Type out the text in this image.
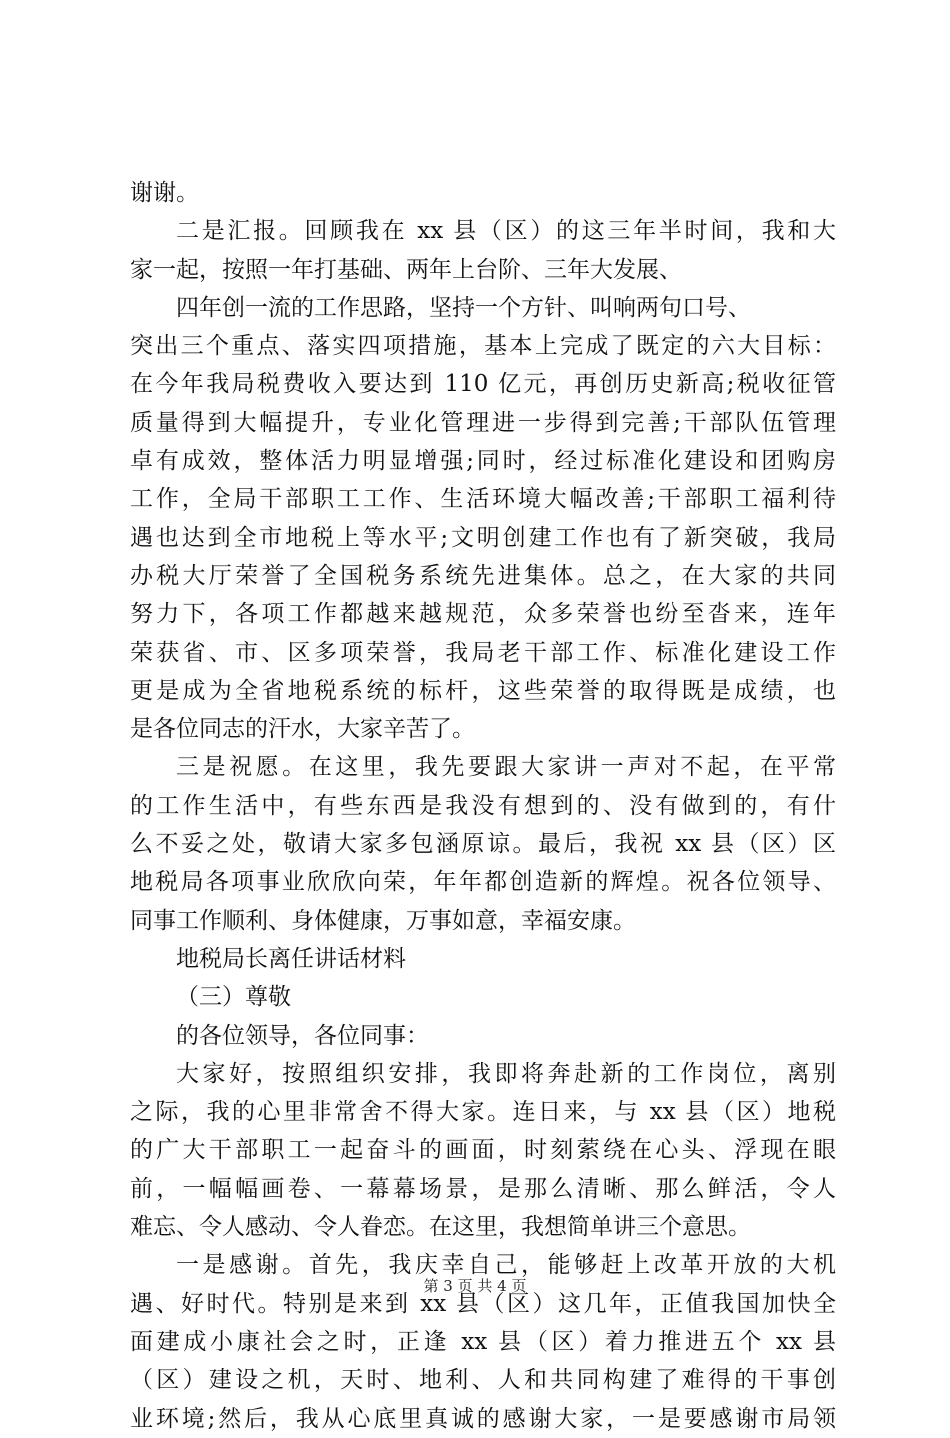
谢谢。
二是汇报。回顾我在 xx 县（区）的这三年半时间，我和大
家一起，按照一年打基础、两年上台阶、三年大发展、
四年创一流的工作思路，坚持一个方针、叫响两句口号、
突出三个重点、落实四项措施，基本上完成了既定的六大目标：
在今年我局税费收入要达到 110 亿元，再创历史新高;税收征管
质量得到大幅提升，专业化管理进一步得到完善;干部队伍管理
卓有成效，整体活力明显增强;同时，经过标准化建设和团购房
工作，全局干部职工工作、生活环境大幅改善;干部职工福利待
遇也达到全市地税上等水平;文明创建工作也有了新突破，我局
办税大厅荣誉了全国税务系统先进集体。总之，在大家的共同
努力下，各项工作都越来越规范，众多荣誉也纷至沓来，连年
荣获省、市、区多项荣誉，我局老干部工作、标准化建设工作
更是成为全省地税系统的标杆，这些荣誉的取得既是成绩，也
是各位同志的汗水，大家辛苦了。
三是祝愿。在这里，我先要跟大家讲一声对不起，在平常
的工作生活中，有些东西是我没有想到的、没有做到的，有什
么不妥之处，敬请大家多包涵原谅。最后，我祝 xx 县（区）区
地税局各项事业欣欣向荣，年年都创造新的辉煌。祝各位领导、
同事工作顺利、身体健康，万事如意，幸福安康。
地税局长离任讲话材料
（三）尊敬
的各位领导，各位同事：
大家好，按照组织安排，我即将奔赴新的工作岗位，离别
之际，我的心里非常舍不得大家。连日来，与 xx 县（区）地税
的广大干部职工一起奋斗的画面，时刻萦绕在心头、浮现在眼
前，一幅幅画卷、一幕幕场景，是那么清晰、那么鲜活，令人
难忘、令人感动、令人眷恋。在这里，我想简单讲三个意思。
一是感谢。首先，我庆幸自己，能够赶上改革开放的大机
遇、好时代。特别是来到 xx 县（区）这几年，正值我国加快全
面建成小康社会之时，正逢 xx 县（区）着力推进五个 xx 县
（区）建设之机，天时、地利、人和共同构建了难得的干事创
业环境;然后，我从心底里真诚的感谢大家，一是要感谢市局领
第 3 页 共 4 页
